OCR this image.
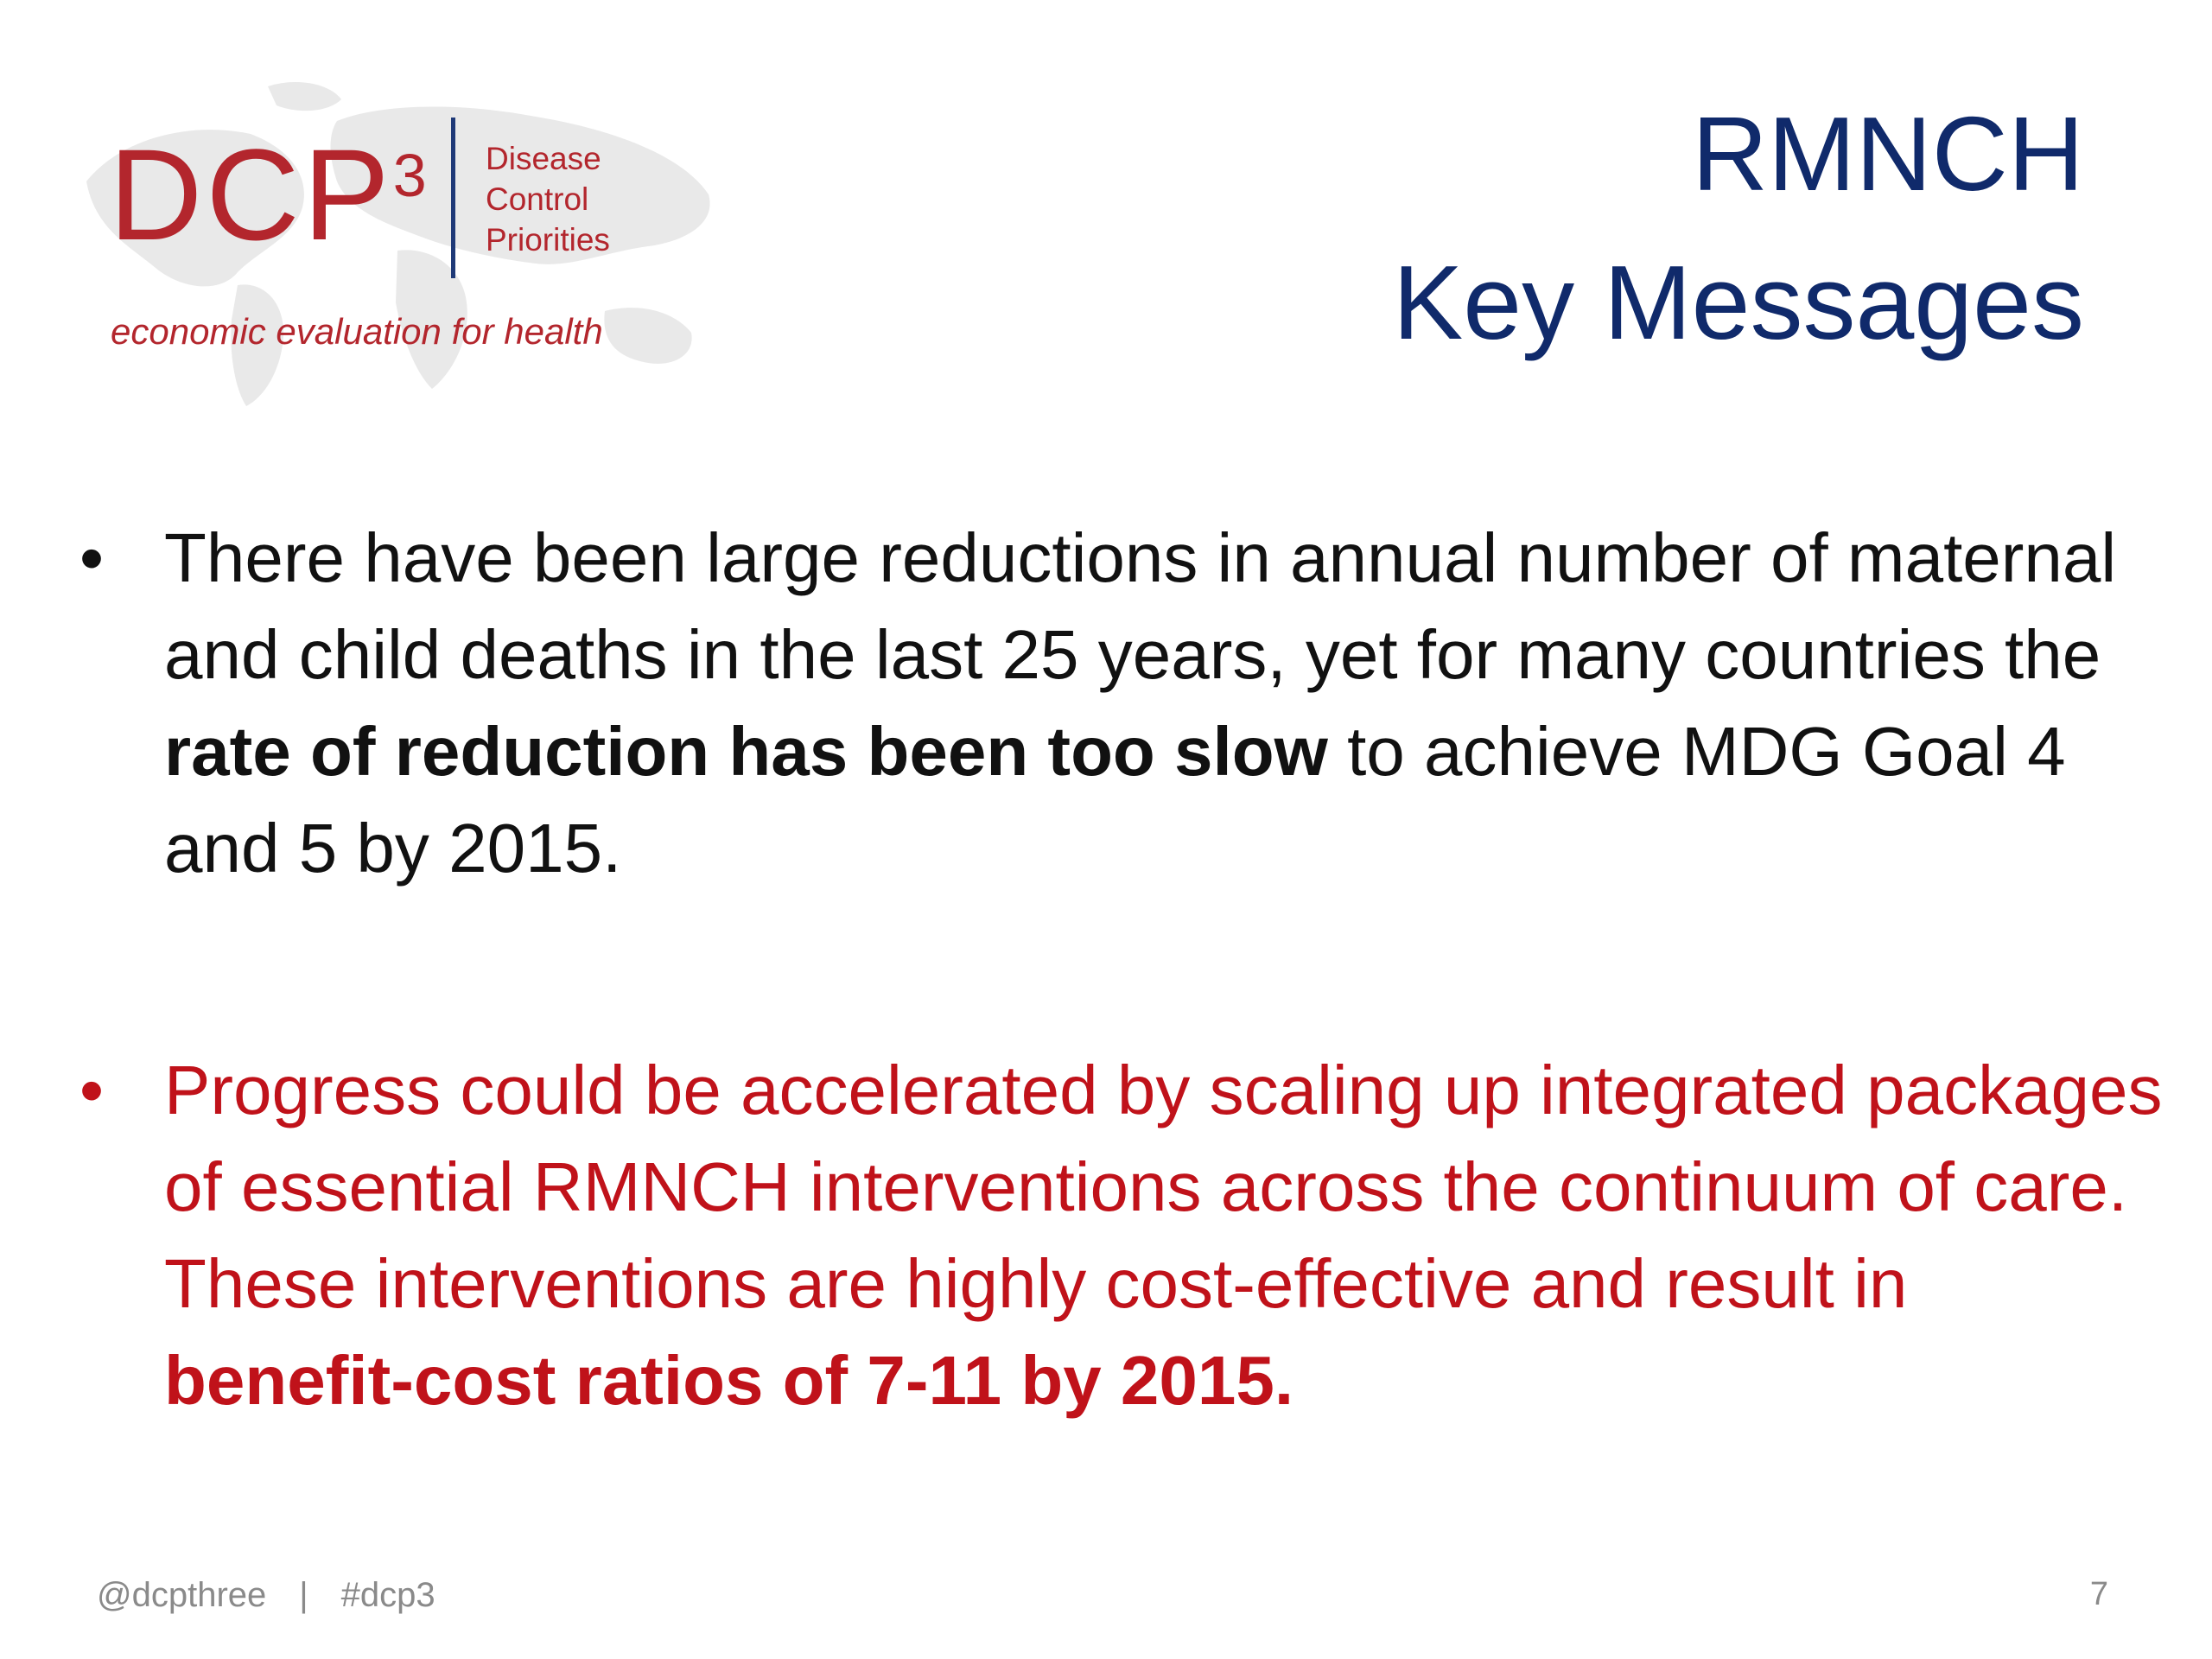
DCP$^3$ Disease
Control
Priorities
economic evaluation for health
RMNCH
Key Messages
• There have been large reductions in annual number of maternal and child deaths in the last 25 years, yet for many countries the rate of reduction has been too slow to achieve MDG Goal 4 and 5 by 2015.
• Progress could be accelerated by scaling up integrated packages of essential RMNCH interventions across the continuum of care. These interventions are highly cost-effective and result in benefit-cost ratios of 7-11 by 2015.
@dcpthree | #dcp3	7
